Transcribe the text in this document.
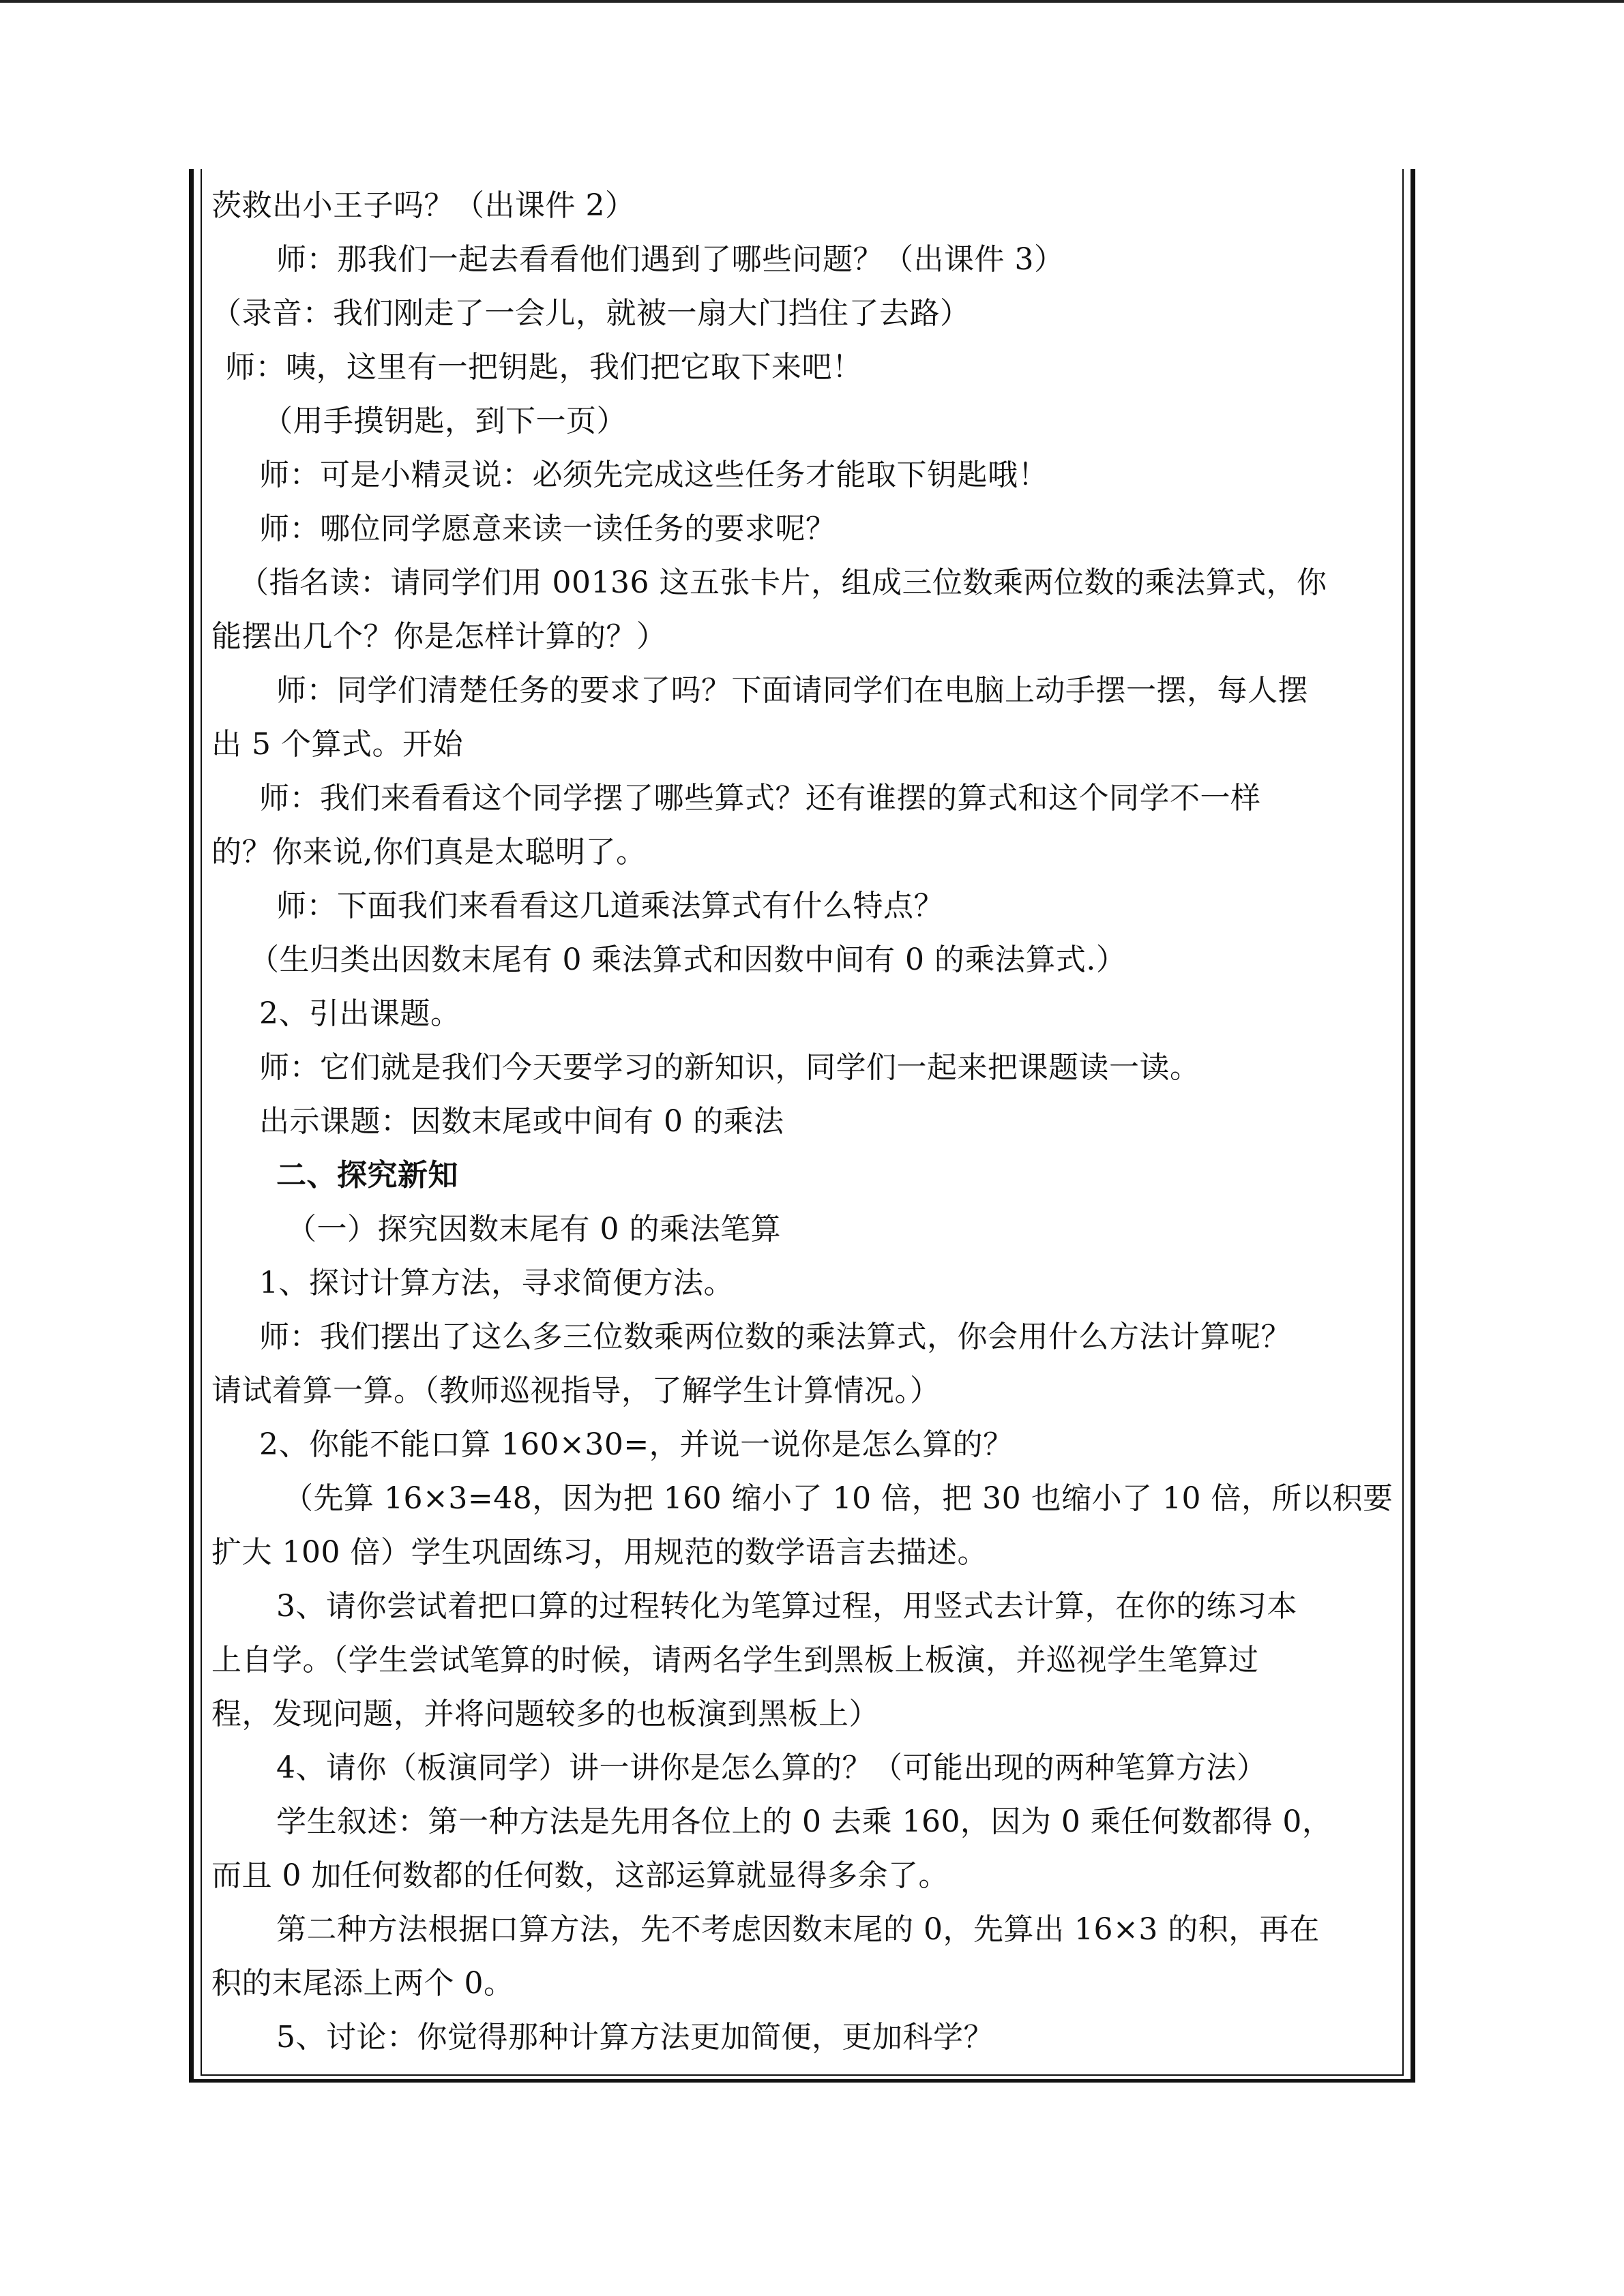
茨救出小王子吗？（出课件 2）
师：那我们一起去看看他们遇到了哪些问题？（出课件 3）
（录音：我们刚走了一会儿，就被一扇大门挡住了去路）
师：咦，这里有一把钥匙，我们把它取下来吧！
（用手摸钥匙，到下一页）
师：可是小精灵说：必须先完成这些任务才能取下钥匙哦！
师：哪位同学愿意来读一读任务的要求呢？
（指名读：请同学们用 00136 这五张卡片，组成三位数乘两位数的乘法算式，你
能摆出几个？你是怎样计算的？）
师：同学们清楚任务的要求了吗？下面请同学们在电脑上动手摆一摆，每人摆
出 5 个算式。开始
师：我们来看看这个同学摆了哪些算式？还有谁摆的算式和这个同学不一样
的？你来说,你们真是太聪明了。
师：下面我们来看看这几道乘法算式有什么特点？
（生归类出因数末尾有 0 乘法算式和因数中间有 0 的乘法算式.）
2、引出课题。
师：它们就是我们今天要学习的新知识，同学们一起来把课题读一读。
出示课题：因数末尾或中间有 0 的乘法
二、探究新知
（一）探究因数末尾有 0 的乘法笔算
1、探讨计算方法，寻求简便方法。
师：我们摆出了这么多三位数乘两位数的乘法算式，你会用什么方法计算呢？
请试着算一算。（教师巡视指导，了解学生计算情况。）
2、你能不能口算 160×30=，并说一说你是怎么算的？
（先算 16×3=48，因为把 160 缩小了 10 倍，把 30 也缩小了 10 倍，所以积要
扩大 100 倍）学生巩固练习，用规范的数学语言去描述。
3、请你尝试着把口算的过程转化为笔算过程，用竖式去计算，在你的练习本
上自学。（学生尝试笔算的时候，请两名学生到黑板上板演，并巡视学生笔算过
程，发现问题，并将问题较多的也板演到黑板上）
4、请你（板演同学）讲一讲你是怎么算的？（可能出现的两种笔算方法）
学生叙述：第一种方法是先用各位上的 0 去乘 160，因为 0 乘任何数都得 0，
而且 0 加任何数都的任何数，这部运算就显得多余了。
第二种方法根据口算方法，先不考虑因数末尾的 0，先算出 16×3 的积，再在
积的末尾添上两个 0。
5、讨论：你觉得那种计算方法更加简便，更加科学？
